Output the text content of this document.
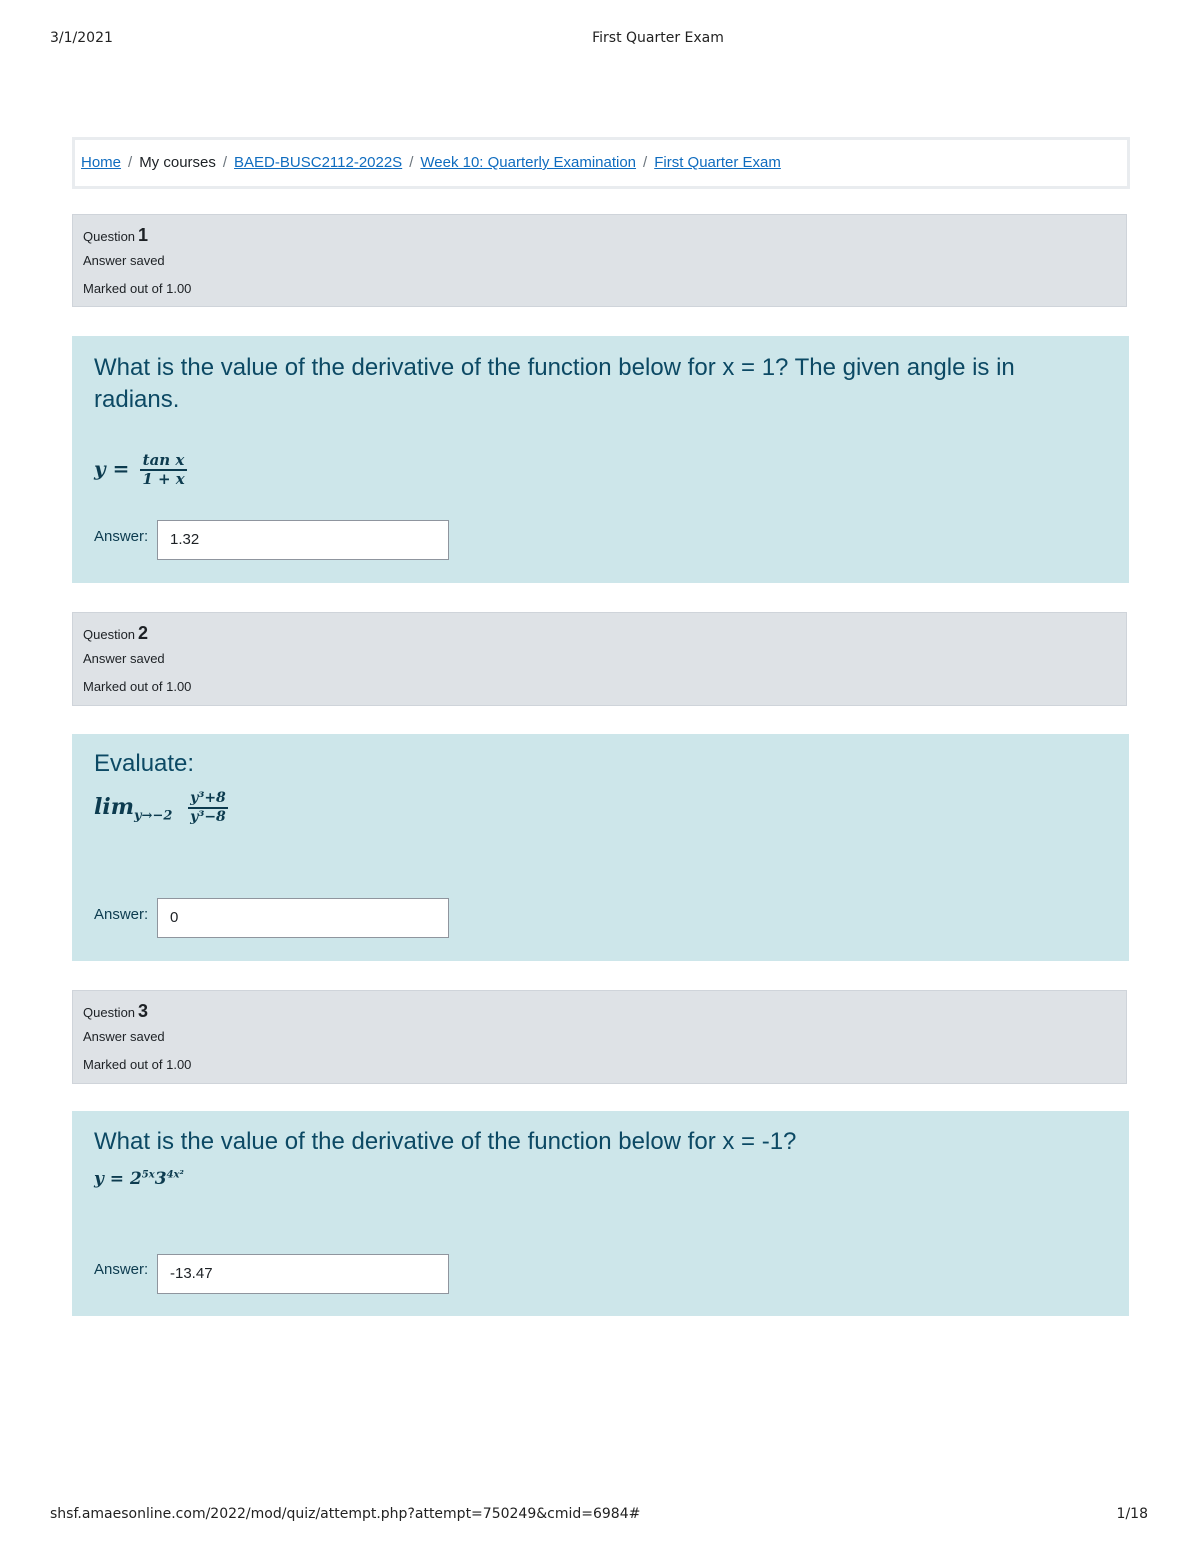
3/1/2021	First Quarter Exam
Home / My courses / BAED-BUSC2112-2022S / Week 10: Quarterly Examination / First Quarter Exam
Question 1
Answer saved
Marked out of 1.00
What is the value of the derivative of the function below for x = 1? The given angle is in radians.
$y = \frac{\text{tan x}}{1 + x}$
Answer:	1.32
Question 2
Answer saved
Marked out of 1.00
Evaluate:
$\lim_{y\to-2} \frac{\text{y³+8}}{\text{y³−8}}$
Answer:	0
Question 3
Answer saved
Marked out of 1.00
What is the value of the derivative of the function below for x = -1?
$y = 2^{5x}3^{4x^2}$
Answer:	-13.47
shsf.amaesonline.com/2022/mod/quiz/attempt.php?attempt=750249&cmid=6984#	1/18
